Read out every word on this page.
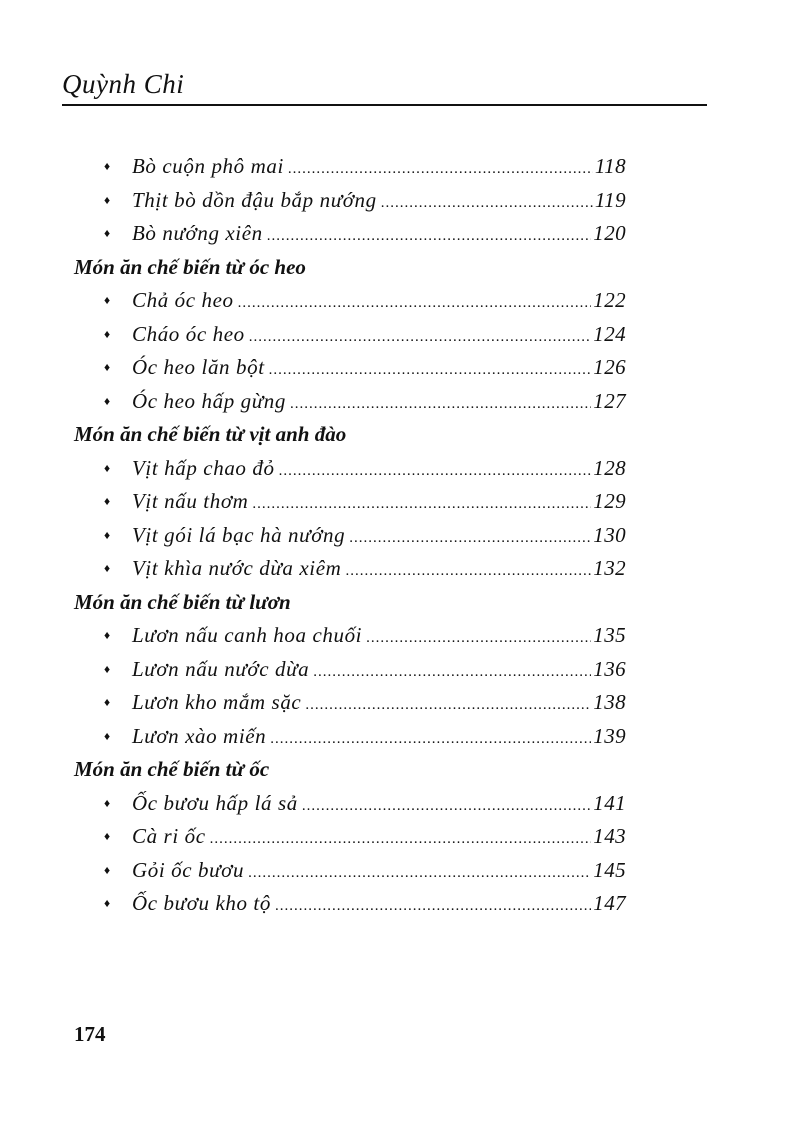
Quỳnh Chi
♦ Bò cuộn phô mai .....	118
♦ Thịt bò dồn đậu bắp nướng .....	119
♦ Bò nướng xiên .....	120
Món ăn chế biến từ óc heo
♦ Chả óc heo .....	122
♦ Cháo óc heo .....	124
♦ Óc heo lăn bột .....	126
♦ Óc heo hấp gừng .....	127
Món ăn chế biến từ vịt anh đào
♦ Vịt hấp chao đỏ .....	128
♦ Vịt nấu thơm .....	129
♦ Vịt gói lá bạc hà nướng .....	130
♦ Vịt khìa nước dừa xiêm .....	132
Món ăn chế biến từ lươn
♦ Lươn nấu canh hoa chuối .....	135
♦ Lươn nấu nước dừa .....	136
♦ Lươn kho mắm sặc .....	138
♦ Lươn xào miến .....	139
Món ăn chế biến từ ốc
♦ Ốc bươu hấp lá sả .....	141
♦ Cà ri ốc .....	143
♦ Gỏi ốc bươu .....	145
♦ Ốc bươu kho tộ .....	147
174
